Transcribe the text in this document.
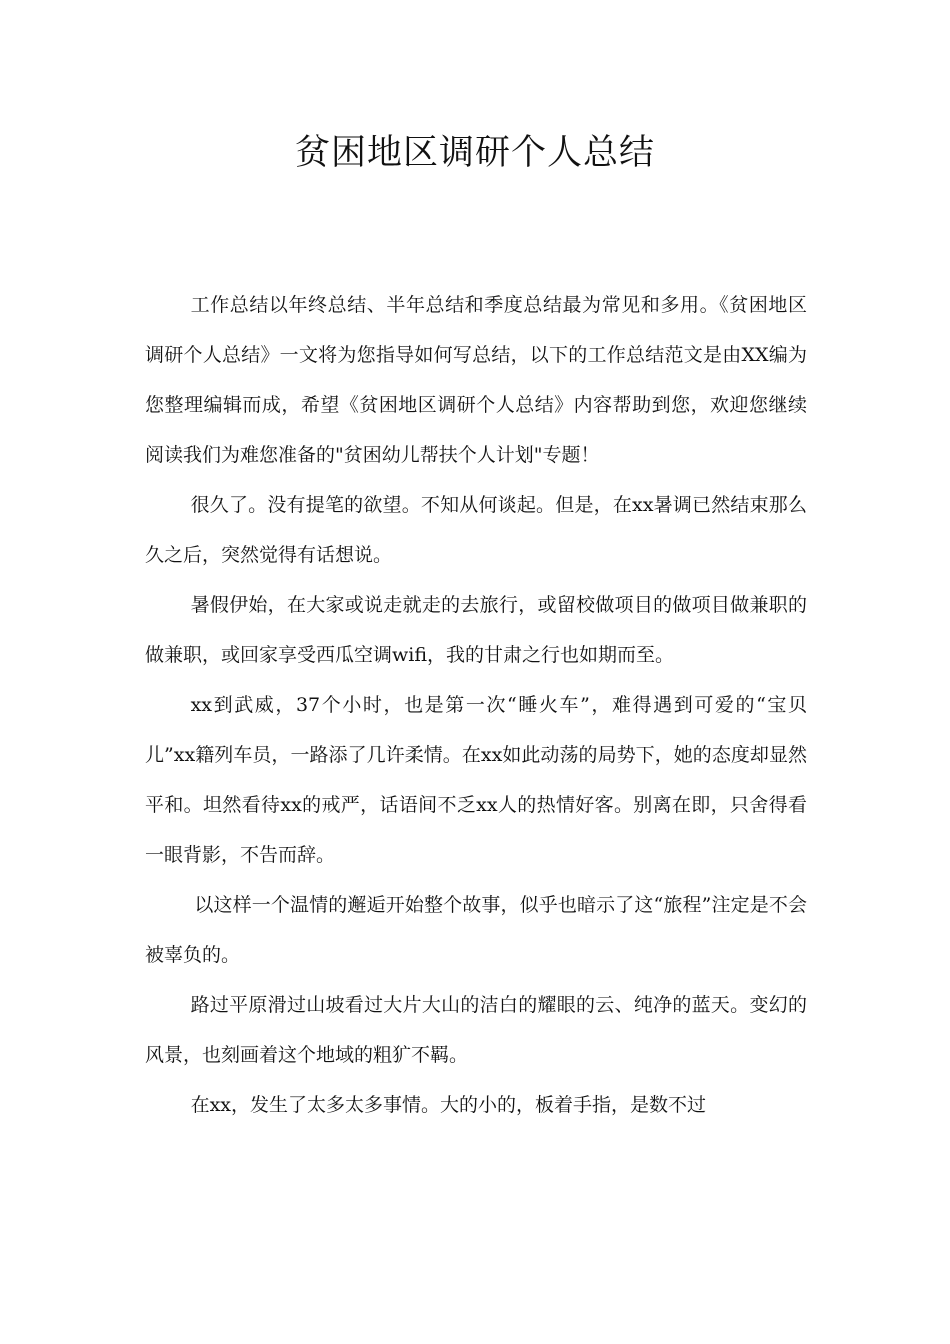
贫困地区调研个人总结

工作总结以年终总结、半年总结和季度总结最为常见和多用。《贫困地区调研个人总结》一文将为您指导如何写总结，以下的工作总结范文是由XX编为您整理编辑而成，希望《贫困地区调研个人总结》内容帮助到您，欢迎您继续阅读我们为难您准备的"贫困幼儿帮扶个人计划"专题！

很久了。没有提笔的欲望。不知从何谈起。但是，在xx暑调已然结束那么久之后，突然觉得有话想说。

暑假伊始，在大家或说走就走的去旅行，或留校做项目的做项目做兼职的做兼职，或回家享受西瓜空调wifi，我的甘肃之行也如期而至。

xx到武威，37个小时，也是第一次“睡火车”，难得遇到可爱的“宝贝儿”xx籍列车员，一路添了几许柔情。在xx如此动荡的局势下，她的态度却显然平和。坦然看待xx的戒严，话语间不乏xx人的热情好客。别离在即，只舍得看一眼背影，不告而辞。

以这样一个温情的邂逅开始整个故事，似乎也暗示了这“旅程”注定是不会被辜负的。

路过平原滑过山坡看过大片大山的洁白的耀眼的云、纯净的蓝天。变幻的风景，也刻画着这个地域的粗犷不羁。

在xx，发生了太多太多事情。大的小的，板着手指，是数不过
